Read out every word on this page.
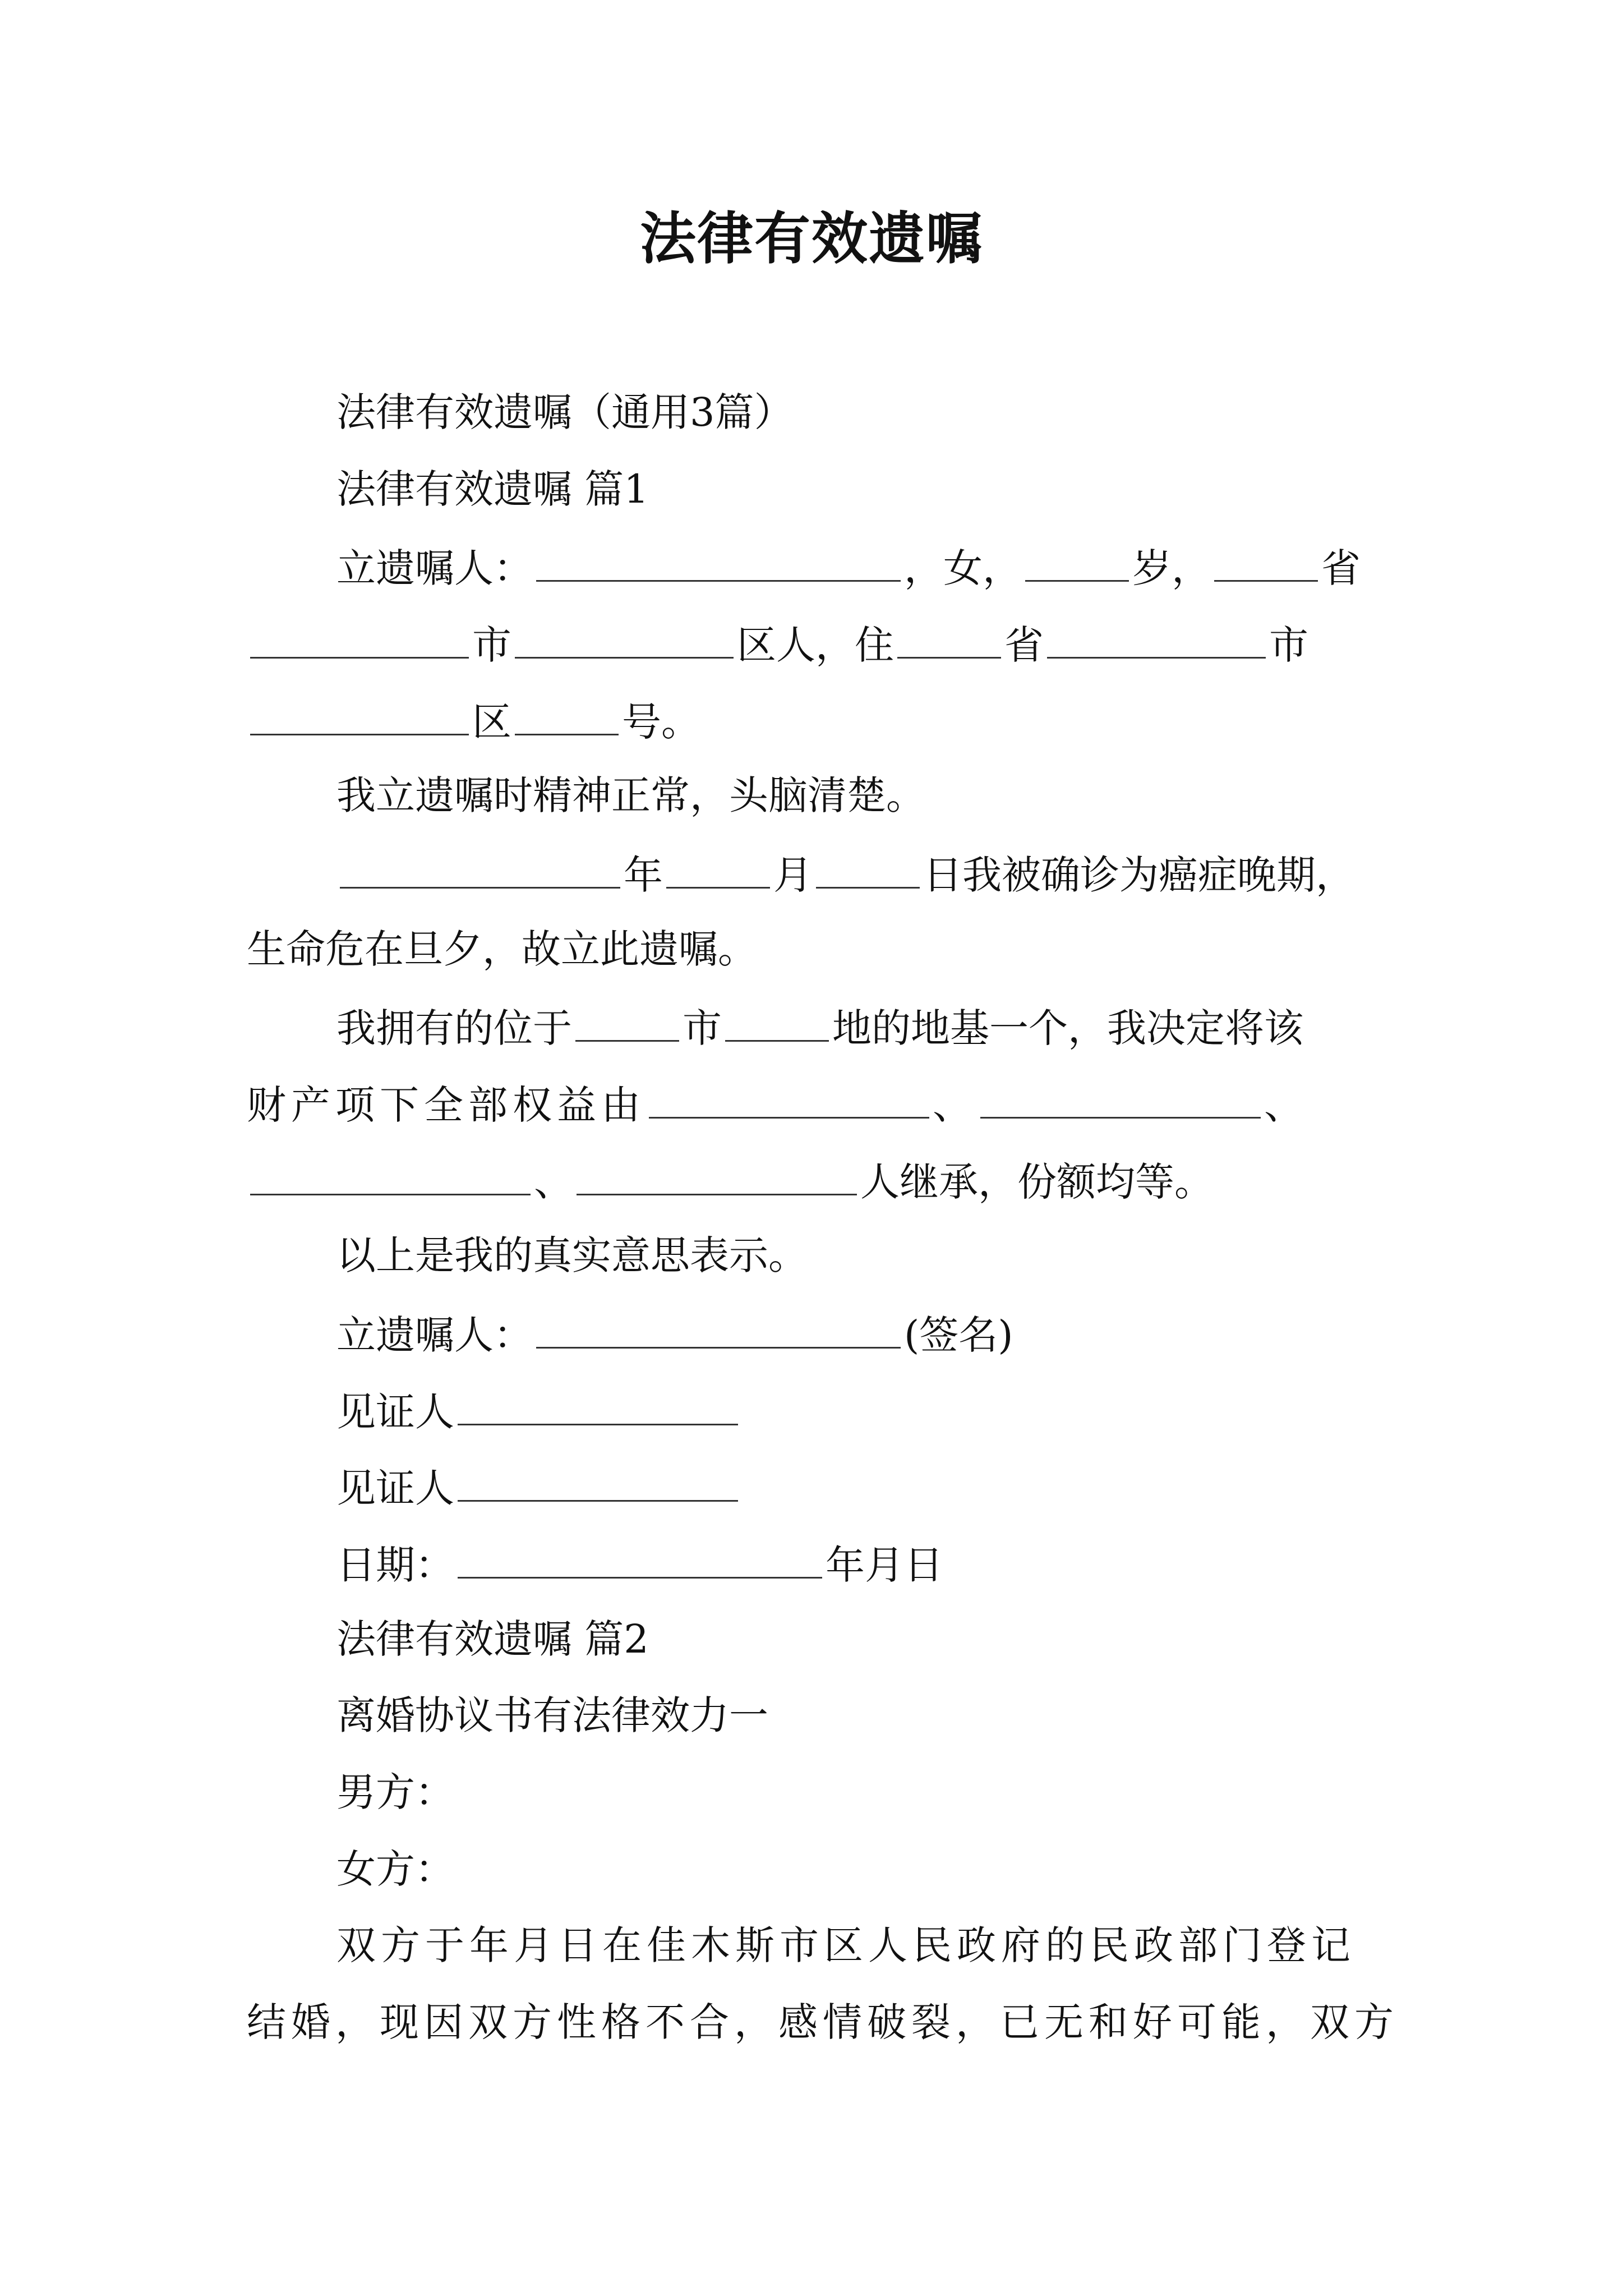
法律有效遗嘱
法律有效遗嘱（通用3篇）
法律有效遗嘱 篇1
立遗嘱人：	，女，	岁，	省
市	区人，住	省	市
区	号。
我立遗嘱时精神正常，头脑清楚。
年	月	日我被确诊为癌症晚期，
生命危在旦夕，故立此遗嘱。
我拥有的位于	市	地的地基一个，我决定将该
财产项下全部权益由	、	、
、	人继承，份额均等。
以上是我的真实意思表示。
立遗嘱人：	(签名)
见证人
见证人
日期：	年月日
法律有效遗嘱 篇2
离婚协议书有法律效力一
男方：
女方：
双方于年月日在佳木斯市区人民政府的民政部门登记
结婚，现因双方性格不合，感情破裂，已无和好可能，双方
